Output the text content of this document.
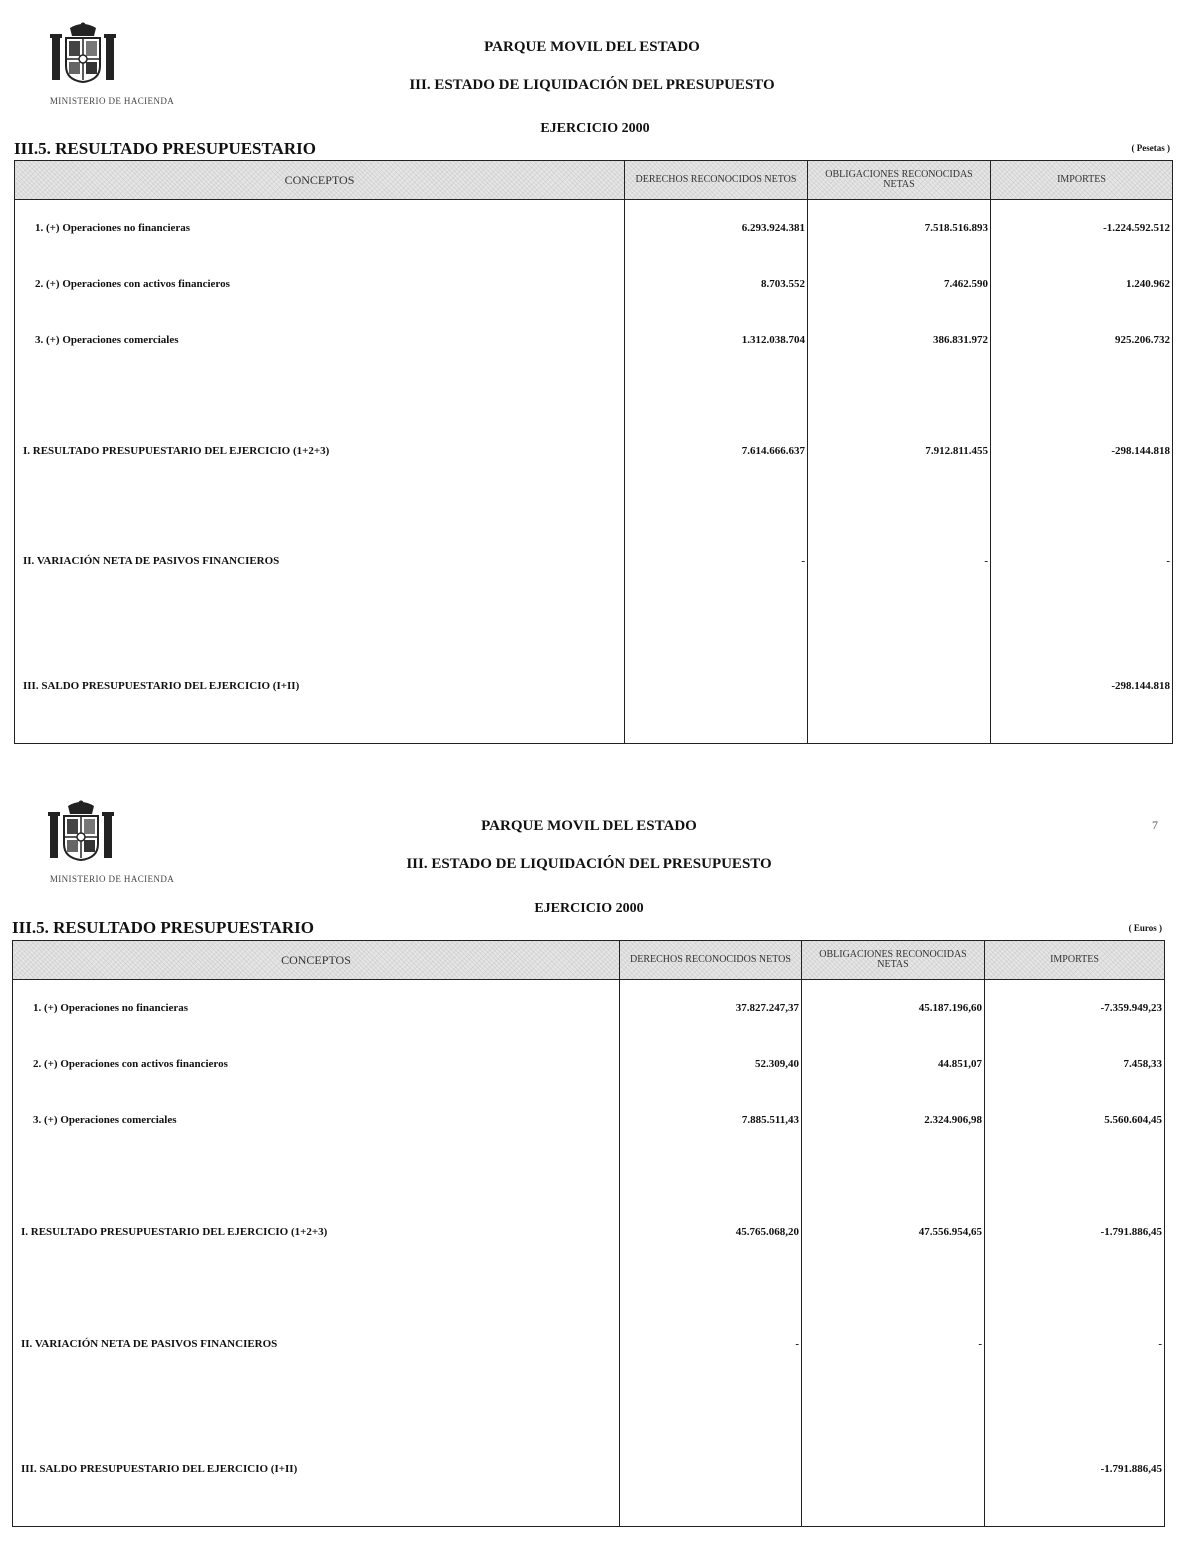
MINISTERIO DE HACIENDA
PARQUE MOVIL DEL ESTADO
III. ESTADO DE LIQUIDACIÓN DEL PRESUPUESTO
EJERCICIO 2000
III.5. RESULTADO PRESUPUESTARIO	( Pesetas )
CONCEPTOS	DERECHOS RECONOCIDOS NETOS	OBLIGACIONES RECONOCIDAS NETAS	IMPORTES
1. (+) Operaciones no financieras	6.293.924.381	7.518.516.893	-1.224.592.512
2. (+) Operaciones con activos financieros	8.703.552	7.462.590	1.240.962
3. (+) Operaciones comerciales	1.312.038.704	386.831.972	925.206.732
I. RESULTADO PRESUPUESTARIO DEL EJERCICIO (1+2+3)	7.614.666.637	7.912.811.455	-298.144.818
II. VARIACIÓN NETA DE PASIVOS FINANCIEROS	-	-	-
III. SALDO PRESUPUESTARIO DEL EJERCICIO (I+II)			-298.144.818
MINISTERIO DE HACIENDA
7
PARQUE MOVIL DEL ESTADO
III. ESTADO DE LIQUIDACIÓN DEL PRESUPUESTO
EJERCICIO 2000
III.5. RESULTADO PRESUPUESTARIO	( Euros )
CONCEPTOS	DERECHOS RECONOCIDOS NETOS	OBLIGACIONES RECONOCIDAS NETAS	IMPORTES
1. (+) Operaciones no financieras	37.827.247,37	45.187.196,60	-7.359.949,23
2. (+) Operaciones con activos financieros	52.309,40	44.851,07	7.458,33
3. (+) Operaciones comerciales	7.885.511,43	2.324.906,98	5.560.604,45
I. RESULTADO PRESUPUESTARIO DEL EJERCICIO (1+2+3)	45.765.068,20	47.556.954,65	-1.791.886,45
II. VARIACIÓN NETA DE PASIVOS FINANCIEROS	-	-	-
III. SALDO PRESUPUESTARIO DEL EJERCICIO (I+II)			-1.791.886,45
